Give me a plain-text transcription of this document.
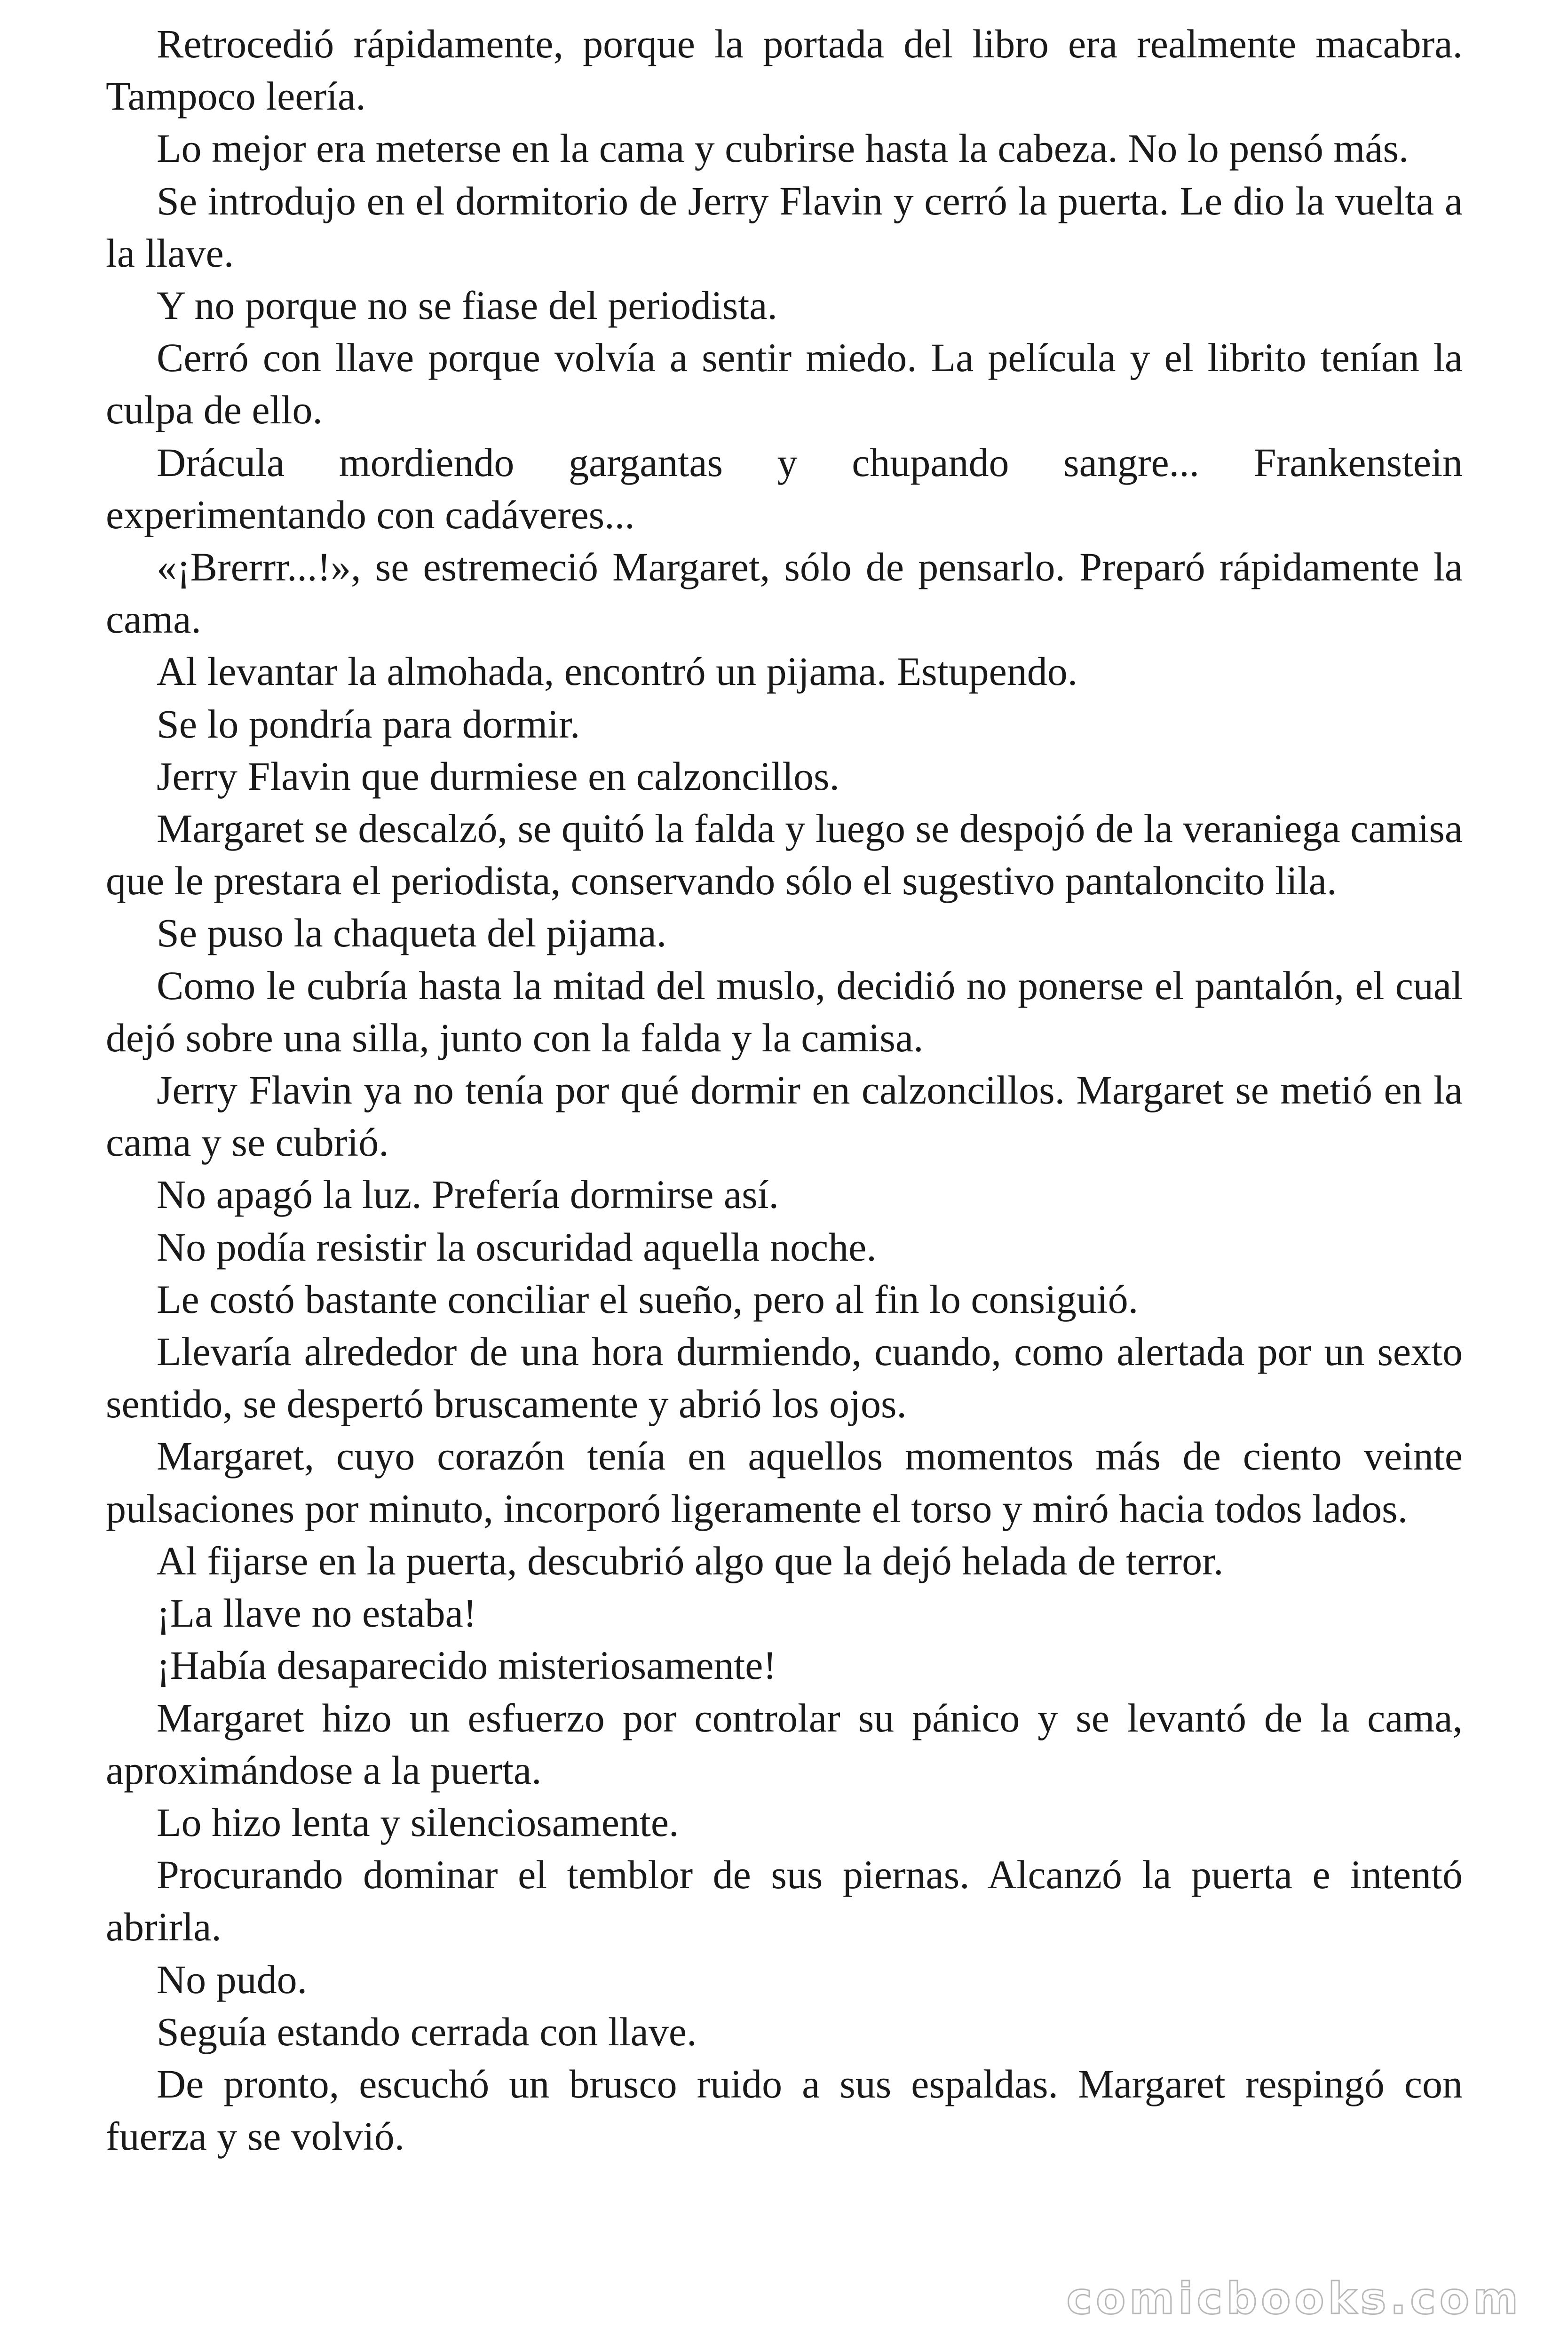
Retrocedió rápidamente, porque la portada del libro era realmente macabra. Tampoco leería.

Lo mejor era meterse en la cama y cubrirse hasta la cabeza. No lo pensó más.

Se introdujo en el dormitorio de Jerry Flavin y cerró la puerta. Le dio la vuelta a la llave.

Y no porque no se fiase del periodista.

Cerró con llave porque volvía a sentir miedo. La película y el librito tenían la culpa de ello.

Drácula mordiendo gargantas y chupando sangre... Frankenstein experimentando con cadáveres...

«¡Brerrr...!», se estremeció Margaret, sólo de pensarlo. Preparó rápidamente la cama.

Al levantar la almohada, encontró un pijama. Estupendo.

Se lo pondría para dormir.

Jerry Flavin que durmiese en calzoncillos.

Margaret se descalzó, se quitó la falda y luego se despojó de la veraniega camisa que le prestara el periodista, conservando sólo el sugestivo pantaloncito lila.

Se puso la chaqueta del pijama.

Como le cubría hasta la mitad del muslo, decidió no ponerse el pantalón, el cual dejó sobre una silla, junto con la falda y la camisa.

Jerry Flavin ya no tenía por qué dormir en calzoncillos. Margaret se metió en la cama y se cubrió.

No apagó la luz. Prefería dormirse así.

No podía resistir la oscuridad aquella noche.

Le costó bastante conciliar el sueño, pero al fin lo consiguió.

Llevaría alrededor de una hora durmiendo, cuando, como alertada por un sexto sentido, se despertó bruscamente y abrió los ojos.

Margaret, cuyo corazón tenía en aquellos momentos más de ciento veinte pulsaciones por minuto, incorporó ligeramente el torso y miró hacia todos lados.

Al fijarse en la puerta, descubrió algo que la dejó helada de terror.

¡La llave no estaba!

¡Había desaparecido misteriosamente!

Margaret hizo un esfuerzo por controlar su pánico y se levantó de la cama, aproximándose a la puerta.

Lo hizo lenta y silenciosamente.

Procurando dominar el temblor de sus piernas. Alcanzó la puerta e intentó abrirla.

No pudo.

Seguía estando cerrada con llave.

De pronto, escuchó un brusco ruido a sus espaldas. Margaret respingó con fuerza y se volvió.

comicbooks.com
